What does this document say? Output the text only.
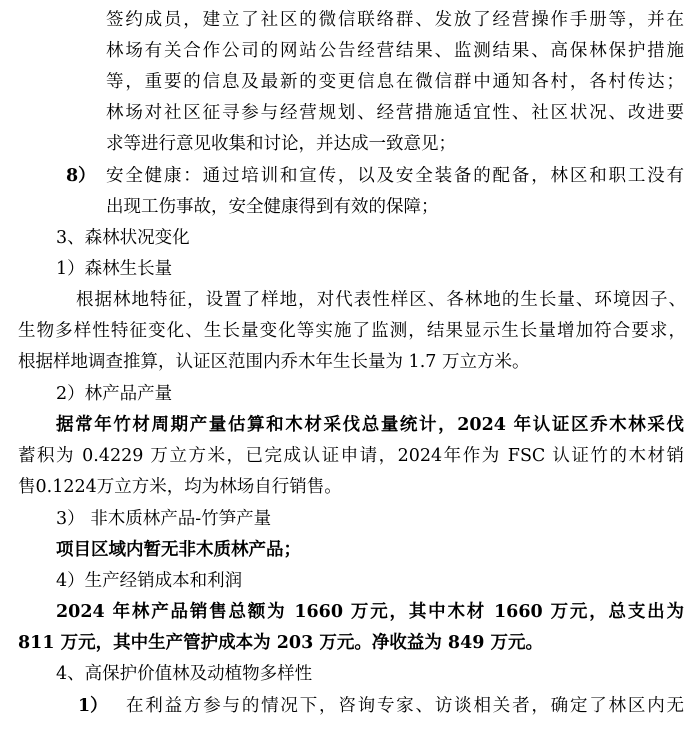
签约成员，建立了社区的微信联络群、发放了经营操作手册等，并在
林场有关合作公司的网站公告经营结果、监测结果、高保林保护措施
等，重要的信息及最新的变更信息在微信群中通知各村，各村传达；
林场对社区征寻参与经营规划、经营措施适宜性、社区状况、改进要
求等进行意见收集和讨论，并达成一致意见；
8） 安全健康：通过培训和宣传，以及安全装备的配备，林区和职工没有
出现工伤事故，安全健康得到有效的保障；
3、森林状况变化
1）森林生长量
根据林地特征，设置了样地，对代表性样区、各林地的生长量、环境因子、
生物多样性特征变化、生长量变化等实施了监测，结果显示生长量增加符合要求，
根据样地调查推算，认证区范围内乔木年生长量为 1.7 万立方米。
2）林产品产量
据常年竹材周期产量估算和木材采伐总量统计，2024 年认证区乔木林采伐
蓄积为 0.4229 万立方米，已完成认证申请，2024年作为 FSC 认证竹的木材销
售0.1224万立方米，均为林场自行销售。
3） 非木质林产品-竹笋产量
项目区域内暂无非木质林产品；
4）生产经销成本和利润
2024 年林产品销售总额为 1660 万元，其中木材 1660 万元，总支出为
811 万元，其中生产管护成本为 203 万元。净收益为 849 万元。
4、高保护价值林及动植物多样性
1） 在利益方参与的情况下，咨询专家、访谈相关者，确定了林区内无
